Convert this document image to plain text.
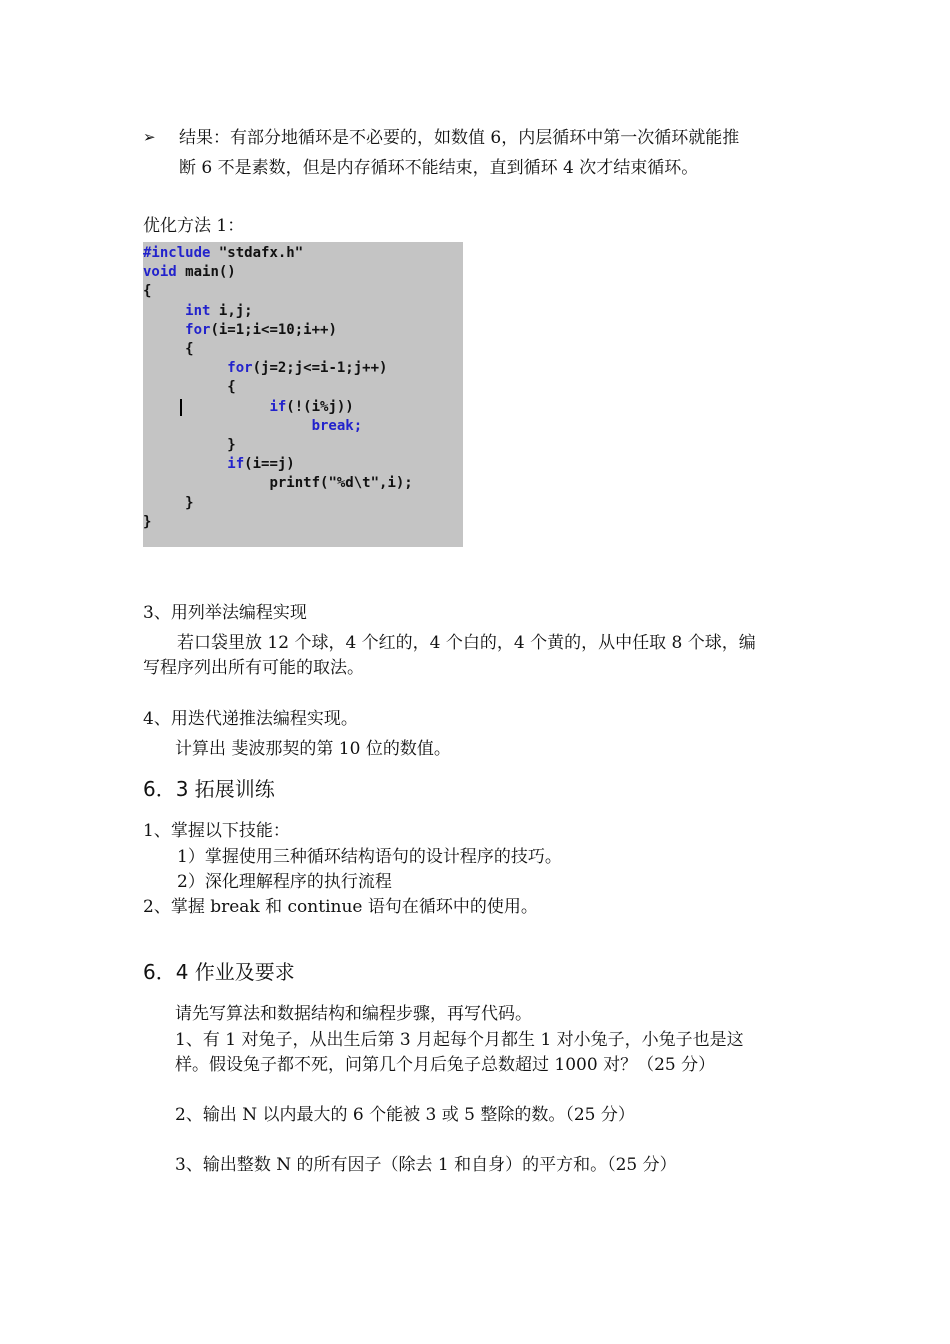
➢ 结果：有部分地循环是不必要的，如数值 6，内层循环中第一次循环就能推
断 6 不是素数，但是内存循环不能结束，直到循环 4 次才结束循环。
优化方法 1：
#include "stdafx.h"
void main()
{
int i,j;
for(i=1;i<=10;i++)
{
for(j=2;j<=i-1;j++)
{
if(!(i%j))
break;
}
if(i==j)
printf("%d\t",i);
}
}
3、用列举法编程实现
若口袋里放 12 个球，4 个红的，4 个白的，4 个黄的，从中任取 8 个球，编
写程序列出所有可能的取法。
4、用迭代递推法编程实现。
计算出 斐波那契的第 10 位的数值。
6．3 拓展训练
1、掌握以下技能：
1）掌握使用三种循环结构语句的设计程序的技巧。
2）深化理解程序的执行流程
2、掌握 break 和 continue 语句在循环中的使用。
6．4 作业及要求
请先写算法和数据结构和编程步骤，再写代码。
1、有 1 对兔子，从出生后第 3 月起每个月都生 1 对小兔子，小兔子也是这
样。假设兔子都不死，问第几个月后兔子总数超过 1000 对？（25 分）
2、输出 N 以内最大的 6 个能被 3 或 5 整除的数。（25 分）
3、输出整数 N 的所有因子（除去 1 和自身）的平方和。（25 分）
